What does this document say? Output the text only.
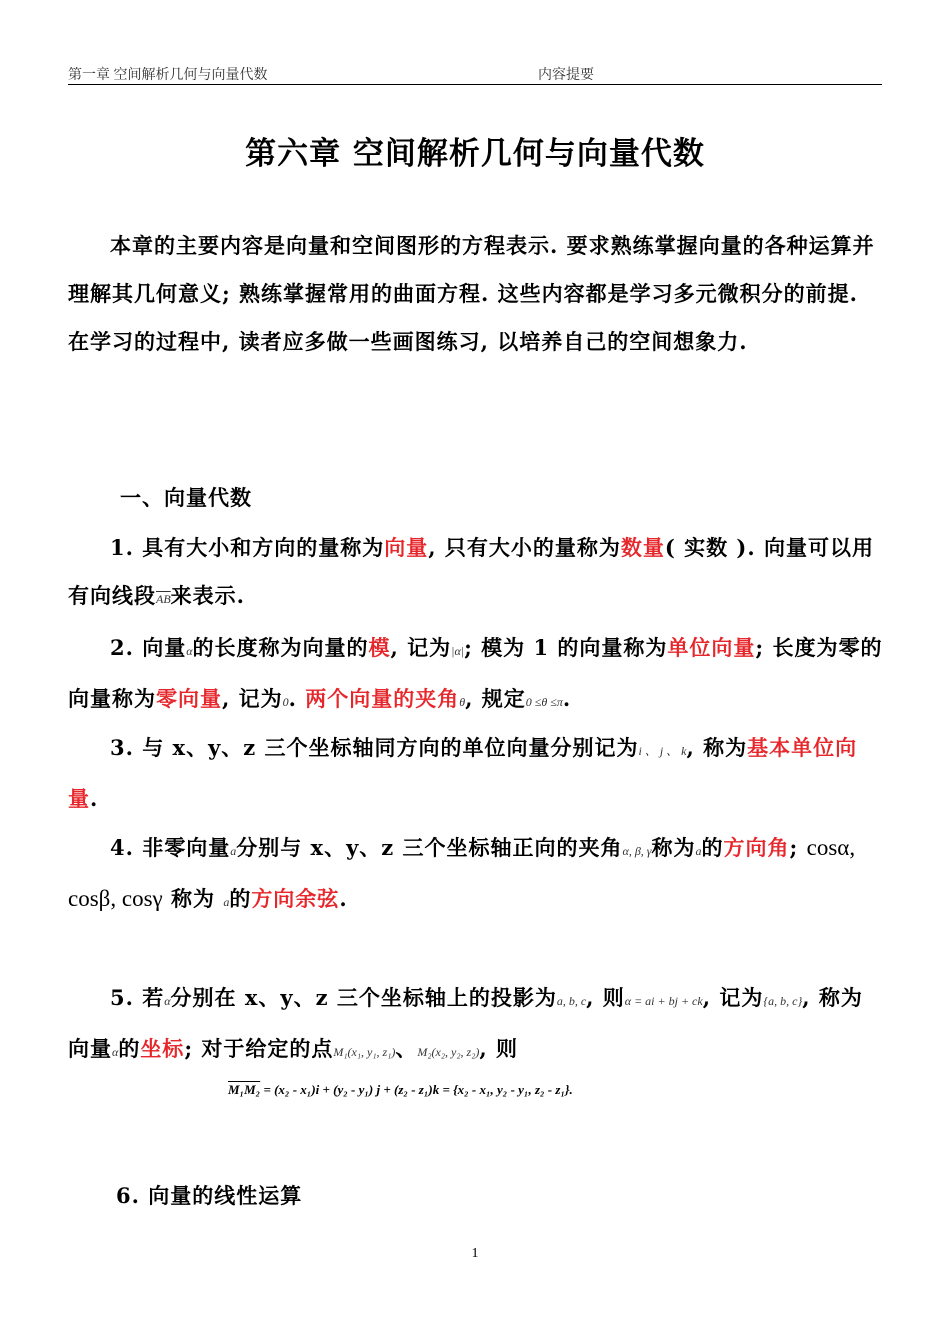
第一章 空间解析几何与向量代数	内容提要
第六章 空间解析几何与向量代数
本章的主要内容是向量和空间图形的方程表示. 要求熟练掌握向量的各种运算并理解其几何意义; 熟练掌握常用的曲面方程. 这些内容都是学习多元微积分的前提. 在学习的过程中, 读者应多做一些画图练习, 以培养自己的空间想象力.
一、向量代数
1. 具有大小和方向的量称为向量, 只有大小的量称为数量( 实数 ). 向量可以用有向线段$\overline{AB}$来表示.
2. 向量α的长度称为向量的模, 记为|α|; 模为 1 的向量称为单位向量; 长度为零的向量称为零向量, 记为0. 两个向量的夹角θ, 规定0 ≤θ ≤π.
3. 与 x、y、z 三个坐标轴同方向的单位向量分别记为i 、 j 、 k, 称为基本单位向量.
4. 非零向量a分别与 x、y、z 三个坐标轴正向的夹角α, β, γ称为a的方向角; cosα, cosβ, cosγ 称为 a的方向余弦.
5. 若α分别在 x、y、z 三个坐标轴上的投影为a, b, c, 则α = ai + bj + ck, 记为{a, b, c}, 称为向量α的坐标; 对于给定的点M₁(x₁, y₁, z₁)、M₂(x₂, y₂, z₂), 则
M₁M₂ = (x₂ - x₁)i + (y₂ - y₁) j + (z₂ - z₁)k = {x₂ - x₁, y₂ - y₁, z₂ - z₁}.
6. 向量的线性运算
1
